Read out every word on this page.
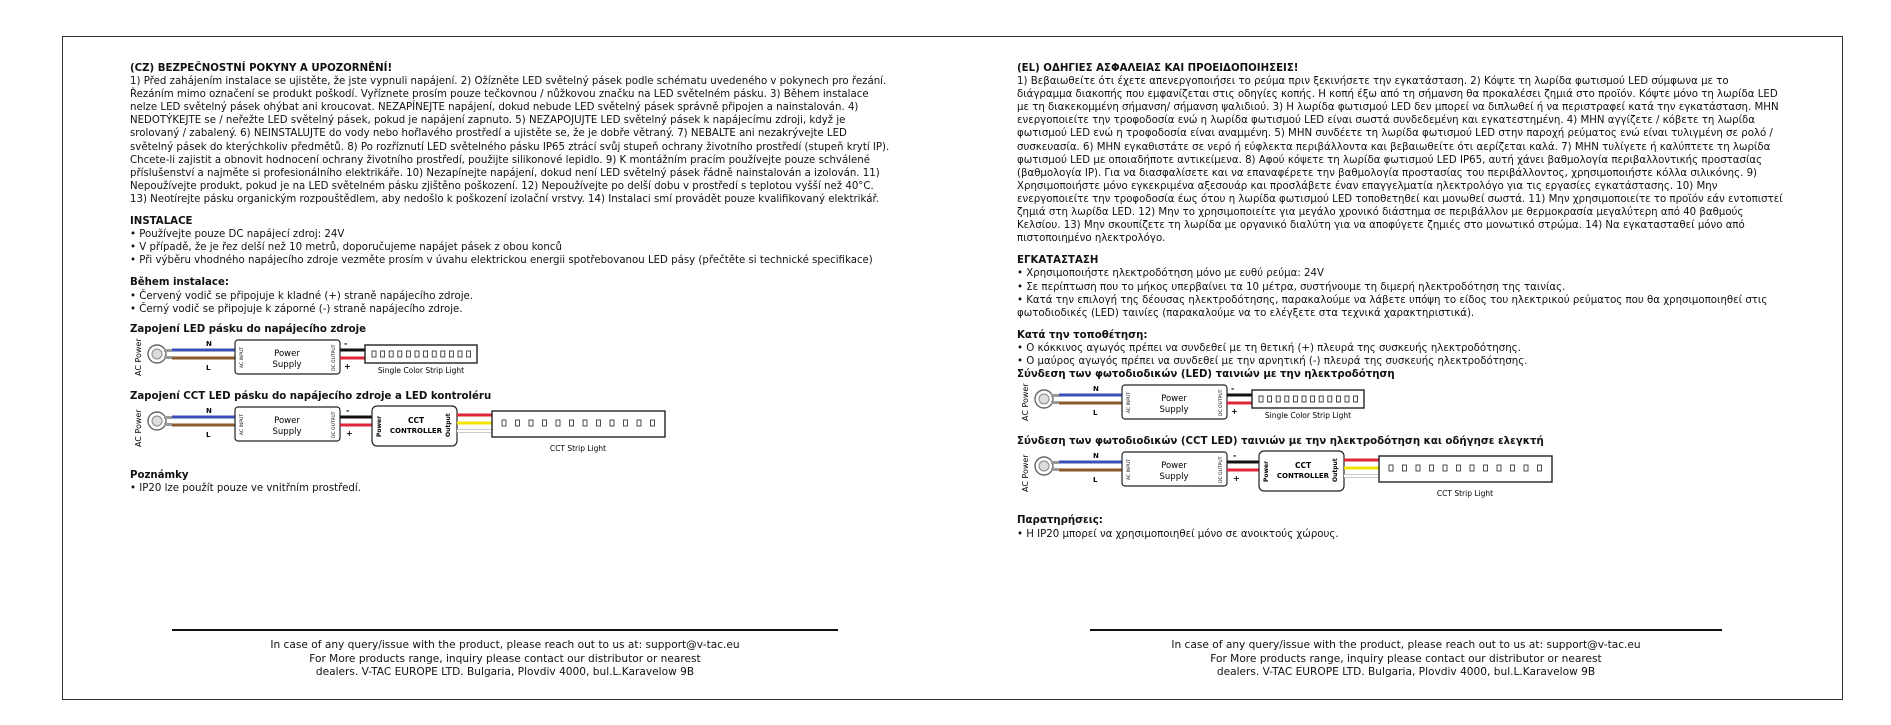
(CZ) BEZPEČNOSTNÍ POKYNY A UPOZORNĚNÍ!
1) Před zahájením instalace se ujistěte, že jste vypnuli napájení. 2) Ožízněte LED světelný pásek podle schématu uvedeného v pokynech pro řezání. Řezáním mimo označení se produkt poškodí. Vyříznete prosím pouze tečkovnou / nůžkovou značku na LED světelném pásku. 3) Během instalace nelze LED světelný pásek ohýbat ani kroucovat. NEZAPÍNEJTE napájení, dokud nebude LED světelný pásek správně připojen a nainstalován. 4) NEDOTÝKEJTE se / neřežte LED světelný pásek, pokud je napájení zapnuto. 5) NEZAPOJUJTE LED světelný pásek k napájecímu zdroji, když je srolovaný / zabalený. 6) NEINSTALUJTE do vody nebo hořlavého prostředí a ujistěte se, že je dobře větraný. 7) NEBALTE ani nezakrývejte LED světelný pásek do kterýchkoliv předmětů. 8) Po rozříznutí LED světelného pásku IP65 ztrácí svůj stupeň ochrany životního prostředí (stupeň krytí IP). Chcete-li zajistit a obnovit hodnocení ochrany životního prostředí, použijte silikonové lepidlo. 9) K montážním pracím používejte pouze schválené příslušenství a najměte si profesionálního elektrikáře. 10) Nezapínejte napájení, dokud není LED světelný pásek řádně nainstalován a izolován. 11) Nepoužívejte produkt, pokud je na LED světelném pásku zjištěno poškození. 12) Nepoužívejte po delší dobu v prostředí s teplotou vyšší než 40°C. 13) Neotírejte pásku organickým rozpouštědlem, aby nedošlo k poškození izolační vrstvy. 14) Instalaci smí provádět pouze kvalifikovaný elektrikář.
INSTALACE
• Používejte pouze DC napájecí zdroj: 24V
• V případě, že je řez delší než 10 metrů, doporučujeme napájet pásek z obou konců
• Při výběru vhodného napájecího zdroje vezměte prosím v úvahu elektrickou energii spotřebovanou LED pásy (přečtěte si technické specifikace)
Během instalace:
• Červený vodič se připojuje k kladné (+) straně napájecího zdroje.
• Černý vodič se připojuje k záporné (-) straně napájecího zdroje.
Zapojení LED pásku do napájecího zdroje
AC Power	N
L
Power
Supply
AC INPUT	DC OUTPUT
-
+	Single Color Strip Light
Zapojení CCT LED pásku do napájecího zdroje a LED kontroléru
AC Power	N
L
Power
Supply
AC INPUT	DC OUTPUT
-
+	Power	Output
CCT
CONTROLLER
CCT Strip Light
Poznámky
• IP20 lze použít pouze ve vnitřním prostředí.
(EL) ΟΔΗΓΙΕΣ ΑΣΦΑΛΕΙΑΣ ΚΑΙ ΠΡΟΕΙΔΟΠΟΙΗΣΕΙΣ!
1) Βεβαιωθείτε ότι έχετε απενεργοποιήσει το ρεύμα πριν ξεκινήσετε την εγκατάσταση. 2) Κόψτε τη λωρίδα φωτισμού LED σύμφωνα με το διάγραμμα διακοπής που εμφανίζεται στις οδηγίες κοπής. Η κοπή έξω από τη σήμανση θα προκαλέσει ζημιά στο προϊόν. Κόψτε μόνο τη λωρίδα LED με τη διακεκομμένη σήμανση/ σήμανση ψαλιδιού. 3) Η λωρίδα φωτισμού LED δεν μπορεί να διπλωθεί ή να περιστραφεί κατά την εγκατάσταση. ΜΗΝ ενεργοποιείτε την τροφοδοσία ενώ η λωρίδα φωτισμού LED είναι σωστά συνδεδεμένη και εγκατεστημένη. 4) ΜΗΝ αγγίζετε / κόβετε τη λωρίδα φωτισμού LED ενώ η τροφοδοσία είναι αναμμένη. 5) ΜΗΝ συνδέετε τη λωρίδα φωτισμού LED στην παροχή ρεύματος ενώ είναι τυλιγμένη σε ρολό / συσκευασία. 6) ΜΗΝ εγκαθιστάτε σε νερό ή εύφλεκτα περιβάλλοντα και βεβαιωθείτε ότι αερίζεται καλά. 7) ΜΗΝ τυλίγετε ή καλύπτετε τη λωρίδα φωτισμού LED με οποιαδήποτε αντικείμενα. 8) Αφού κόψετε τη λωρίδα φωτισμού LED IP65, αυτή χάνει βαθμολογία περιβαλλοντικής προστασίας (βαθμολογία IP). Για να διασφαλίσετε και να επαναφέρετε την βαθμολογία προστασίας του περιβάλλοντος, χρησιμοποιήστε κόλλα σιλικόνης. 9) Χρησιμοποιήστε μόνο εγκεκριμένα αξεσουάρ και προσλάβετε έναν επαγγελματία ηλεκτρολόγο για τις εργασίες εγκατάστασης. 10) Μην ενεργοποιείτε την τροφοδοσία έως ότου η λωρίδα φωτισμού LED τοποθετηθεί και μονωθεί σωστά. 11) Μην χρησιμοποιείτε το προϊόν εάν εντοπιστεί ζημιά στη λωρίδα LED. 12) Μην το χρησιμοποιείτε για μεγάλο χρονικό διάστημα σε περιβάλλον με θερμοκρασία μεγαλύτερη από 40 βαθμούς Κελσίου. 13) Μην σκουπίζετε τη λωρίδα με οργανικό διαλύτη για να αποφύγετε ζημιές στο μονωτικό στρώμα. 14) Να εγκατασταθεί μόνο από πιστοποιημένο ηλεκτρολόγο.
ΕΓΚΑΤΑΣΤΑΣΗ
• Χρησιμοποιήστε ηλεκτροδότηση μόνο με ευθύ ρεύμα: 24V
• Σε περίπτωση που το μήκος υπερβαίνει τα 10 μέτρα, συστήνουμε τη διμερή ηλεκτροδότηση της ταινίας.
• Κατά την επιλογή της δέουσας ηλεκτροδότησης, παρακαλούμε να λάβετε υπόψη το είδος του ηλεκτρικού ρεύματος που θα χρησιμοποιηθεί στις φωτοδιοδικές (LED) ταινίες (παρακαλούμε να το ελέγξετε στα τεχνικά χαρακτηριστικά).
Κατά την τοποθέτηση:
• Ο κόκκινος αγωγός πρέπει να συνδεθεί με τη θετική (+) πλευρά της συσκευής ηλεκτροδότησης.
• Ο μαύρος αγωγός πρέπει να συνδεθεί με την αρνητική (-) πλευρά της συσκευής ηλεκτροδότησης.
Σύνδεση των φωτοδιοδικών (LED) ταινιών με την ηλεκτροδότηση
AC Power	N
L
Power
Supply
AC INPUT	DC OUTPUT
-
+	Single Color Strip Light
Σύνδεση των φωτοδιοδικών (CCT LED) ταινιών με την ηλεκτροδότηση και οδήγησε ελεγκτή
AC Power	N
L
Power
Supply
AC INPUT	DC OUTPUT
-
+	Power	Output
CCT
CONTROLLER
CCT Strip Light
Παρατηρήσεις:
• Η IP20 μπορεί να χρησιμοποιηθεί μόνο σε ανοικτούς χώρους.
In case of any query/issue with the product, please reach out to us at: support@v-tac.eu
For More products range, inquiry please contact our distributor or nearest
dealers. V-TAC EUROPE LTD. Bulgaria, Plovdiv 4000, bul.L.Karavelow 9B
In case of any query/issue with the product, please reach out to us at: support@v-tac.eu
For More products range, inquiry please contact our distributor or nearest
dealers. V-TAC EUROPE LTD. Bulgaria, Plovdiv 4000, bul.L.Karavelow 9B
